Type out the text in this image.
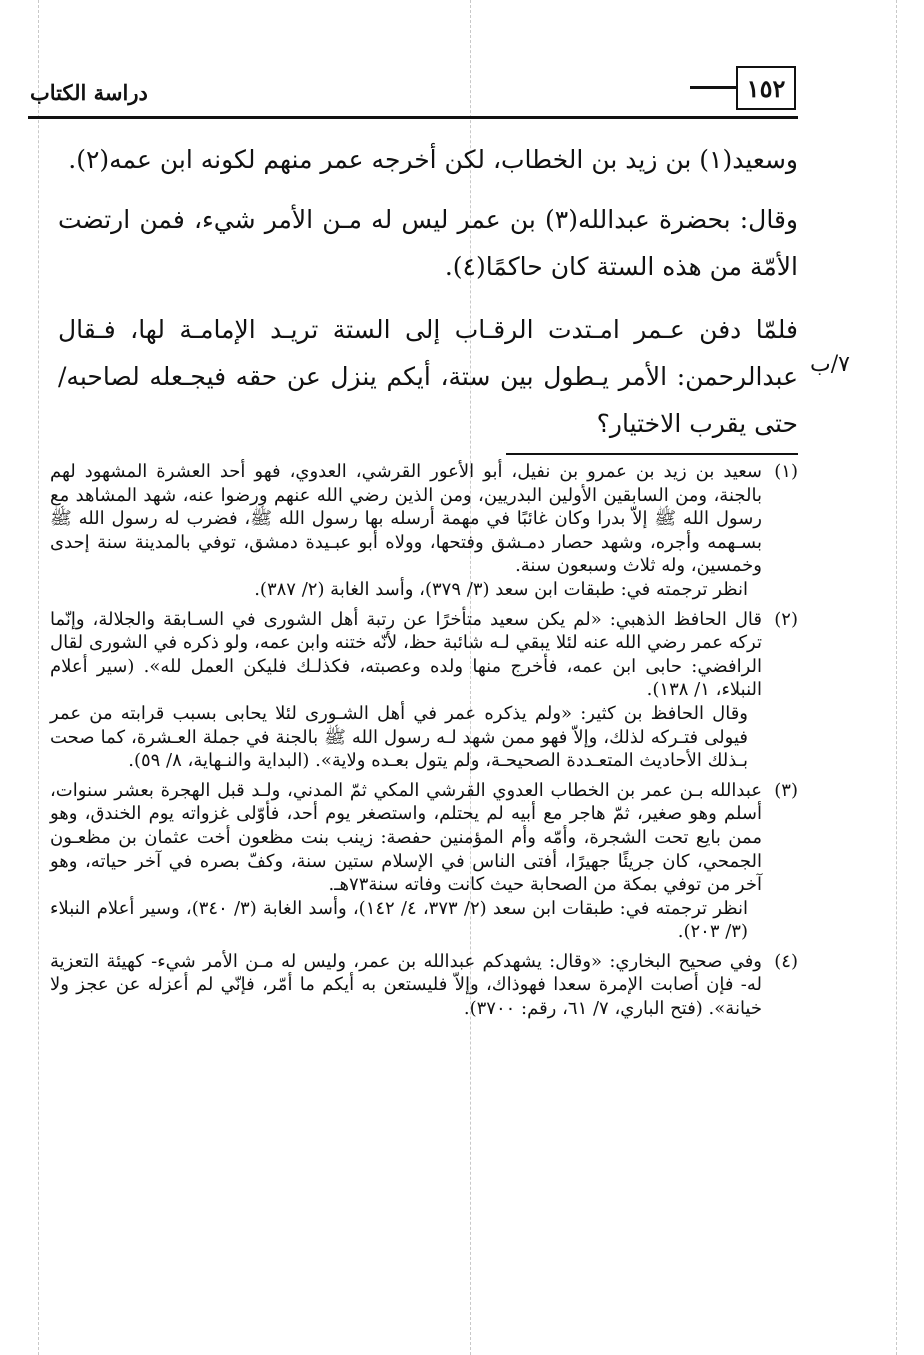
١٥٢
دراسة الكتاب

وسعيد(١) بن زيد بن الخطاب، لكن أخرجه عمر منهم لكونه ابن عمه(٢).

وقال: بحضرة عبدالله(٣) بن عمر ليس له مـن الأمر شيء، فمن ارتضت الأمّة من هذه الستة كان حاكمًا(٤).

فلمّا دفن عـمر امـتدت الرقـاب إلى الستة تريـد الإمامـة لها، فـقال عبدالرحمن: الأمر يـطول بين ستة، أيكم ينزل عن حقه فيجـعله لصاحبه/ حتى يقرب الاختيار؟

٧/ب
(١)
سعيد بن زيد بن عمرو بن نفيل، أبو الأعور القرشي، العدوي، فهو أحد العشرة المشهود لهم بالجنة، ومن السابقين الأولين البدريين، ومن الذين رضي الله عنهم ورضوا عنه، شهد المشاهد مع رسول الله ﷺ إلاّ بدرا وكان غائبًا في مهمة أرسله بها رسول الله ﷺ، فضرب له رسول الله ﷺ بسـهمه وأجره، وشهد حصار دمـشق وفتحها، وولاه أبو عبـيدة دمشق، توفي بالمدينة سنة إحدى وخمسين، وله ثلاث وسبعون سنة.
انظر ترجمته في: طبقات ابن سعد (٣/ ٣٧٩)، وأسد الغابة (٢/ ٣٨٧).
(٢)
قال الحافظ الذهبي: «لم يكن سعيد متأخرًا عن رتبة أهل الشورى في السـابقة والجلالة، وإنّما تركه عمر رضي الله عنه لئلا يبقي لـه شائبة حظ، لأنّه ختنه وابن عمه، ولو ذكره في الشورى لقال الرافضي: حابى ابن عمه، فأخرج منها ولده وعصبته، فكذلـك فليكن العمل لله». (سير أعلام النبلاء، ١/ ١٣٨).
وقال الحافظ بن كثير: «ولم يذكره عمر في أهل الشـورى لئلا يحابى بسبب قرابته من عمر فيولى فتـركه لذلك، وإلاّ فهو ممن شهد لـه رسول الله ﷺ بالجنة في جملة العـشرة، كما صحت بـذلك الأحاديث المتعـددة الصحيحـة، ولم يتول بعـده ولاية». (البداية والنـهاية، ٨/ ٥٩).
(٣)
عبدالله بـن عمر بن الخطاب العدوي القرشي المكي ثمّ المدني، ولـد قبل الهجرة بعشر سنوات، أسلم وهو صغير، ثمّ هاجر مع أبيه لم يحتلم، واستصغر يوم أحد، فأوّلى غزواته يوم الخندق، وهو ممن بايع تحت الشجرة، وأمّه وأم المؤمنين حفصة: زينب بنت مظعون أخت عثمان بن مظعـون الجمحي، كان جريئًا جهيرًا، أفتى الناس في الإسلام ستين سنة، وكفّ بصره في آخر حياته، وهو آخر من توفي بمكة من الصحابة حيث كانت وفاته سنة٧٣هـ.
انظر ترجمته في: طبقات ابن سعد (٢/ ٣٧٣، ٤/ ١٤٢)، وأسد الغابة (٣/ ٣٤٠)، وسير أعلام النبلاء (٣/ ٢٠٣).
(٤)
وفي صحيح البخاري: «وقال: يشهدكم عبدالله بن عمر، وليس له مـن الأمر شيء- كهيئة التعزية له- فإن أصابت الإمرة سعدا فهوذاك، وإلاّ فليستعن به أيكم ما أمّر، فإنّي لم أعزله عن عجز ولا خيانة». (فتح الباري، ٧/ ٦١، رقم: ٣٧٠٠).
